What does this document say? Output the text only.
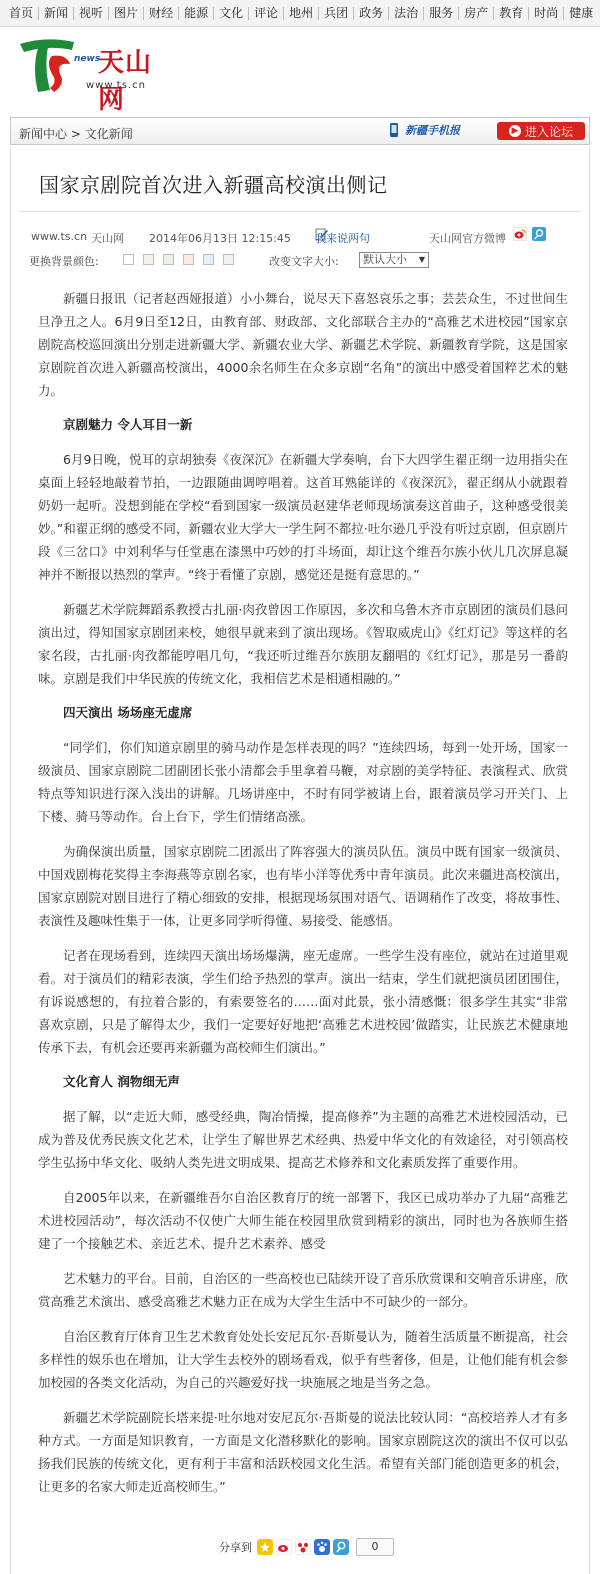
首页 新闻 视听 图片 财经 能源 文化 评论 地州 兵团 政务 法治 服务 房产 教育 时尚 健康
news
天山网
www.ts.cn
新闻中心 > 文化新闻	新疆手机报	▶ 进入论坛
国家京剧院首次进入新疆高校演出侧记
www.ts.cn 天山网 2014年06月13日 12:15:45 我来说两句	天山网官方微博
更换背景颜色:	改变文字大小:	默认大小 ▼

新疆日报讯（记者赵西娅报道）小小舞台，说尽天下喜怒哀乐之事；芸芸众生，不过世间生旦净丑之人。6月9日至12日，由教育部、财政部、文化部联合主办的“高雅艺术进校园”国家京剧院高校巡回演出分别走进新疆大学、新疆农业大学、新疆艺术学院、新疆教育学院，这是国家京剧院首次进入新疆高校演出，4000余名师生在众多京剧“名角”的演出中感受着国粹艺术的魅力。

京剧魅力 令人耳目一新

6月9日晚，悦耳的京胡独奏《夜深沉》在新疆大学奏响，台下大四学生翟正纲一边用指尖在桌面上轻轻地敲着节拍，一边跟随曲调哼唱着。这首耳熟能详的《夜深沉》，翟正纲从小就跟着奶奶一起听。没想到能在学校“看到国家一级演员赵建华老师现场演奏这首曲子，这种感受很美妙。”和翟正纲的感受不同，新疆农业大学大一学生阿不都拉·吐尔逊几乎没有听过京剧，但京剧片段《三岔口》中刘利华与任堂惠在漆黑中巧妙的打斗场面，却让这个维吾尔族小伙儿几次屏息凝神并不断报以热烈的掌声。“终于看懂了京剧，感觉还是挺有意思的。”

新疆艺术学院舞蹈系教授古扎丽·肉孜曾因工作原因，多次和乌鲁木齐市京剧团的演员们恳问演出过，得知国家京剧团来校，她很早就来到了演出现场。《智取威虎山》《红灯记》等这样的名家名段，古扎丽·肉孜都能哼唱几句，“我还听过维吾尔族朋友翻唱的《红灯记》，那是另一番韵味。京剧是我们中华民族的传统文化，我相信艺术是相通相融的。”

四天演出 场场座无虚席

“同学们，你们知道京剧里的骑马动作是怎样表现的吗？”连续四场，每到一处开场，国家一级演员、国家京剧院二团副团长张小清都会手里拿着马鞭，对京剧的美学特征、表演程式、欣赏特点等知识进行深入浅出的讲解。几场讲座中，不时有同学被请上台，跟着演员学习开关门、上下楼、骑马等动作。台上台下，学生们情绪高涨。

为确保演出质量，国家京剧院二团派出了阵容强大的演员队伍。演员中既有国家一级演员、中国戏剧梅花奖得主李海燕等京剧名家，也有毕小洋等优秀中青年演员。此次来疆进高校演出，国家京剧院对剧目进行了精心细致的安排，根据现场氛围对语气、语调稍作了改变，将故事性、表演性及趣味性集于一体，让更多同学听得懂、易接受、能感悟。

记者在现场看到，连续四天演出场场爆满，座无虚席。一些学生没有座位，就站在过道里观看。对于演员们的精彩表演，学生们给予热烈的掌声。演出一结束，学生们就把演员团团围住，有诉说感想的，有拉着合影的，有索要签名的……面对此景，张小清感慨：很多学生其实“非常喜欢京剧，只是了解得太少，我们一定要好好地把‘高雅艺术进校园’做踏实，让民族艺术健康地传承下去，有机会还要再来新疆为高校师生们演出。”

文化育人 润物细无声

据了解，以“走近大师，感受经典，陶冶情操，提高修养”为主题的高雅艺术进校园活动，已成为普及优秀民族文化艺术，让学生了解世界艺术经典、热爱中华文化的有效途径，对引领高校学生弘扬中华文化、吸纳人类先进文明成果、提高艺术修养和文化素质发挥了重要作用。

自2005年以来，在新疆维吾尔自治区教育厅的统一部署下，我区已成功举办了九届“高雅艺术进校园活动”，每次活动不仅使广大师生能在校园里欣赏到精彩的演出，同时也为各族师生搭建了一个接触艺术、亲近艺术、提升艺术素养、感受

艺术魅力的平台。目前，自治区的一些高校也已陆续开设了音乐欣赏课和交响音乐讲座，欣赏高雅艺术演出、感受高雅艺术魅力正在成为大学生生活中不可缺少的一部分。

自治区教育厅体育卫生艺术教育处处长安尼瓦尔·吾斯曼认为，随着生活质量不断提高，社会多样性的娱乐也在增加，让大学生去校外的剧场看戏，似乎有些奢侈，但是，让他们能有机会参加校园的各类文化活动，为自己的兴趣爱好找一块施展之地是当务之急。

新疆艺术学院副院长塔来提·吐尔地对安尼瓦尔·吾斯曼的说法比较认同：“高校培养人才有多种方式。一方面是知识教育，一方面是文化潜移默化的影响。国家京剧院这次的演出不仅可以弘扬我们民族的传统文化，更有利于丰富和活跃校园文化生活。希望有关部门能创造更多的机会，让更多的名家大师走近高校师生。”

分享到	0
